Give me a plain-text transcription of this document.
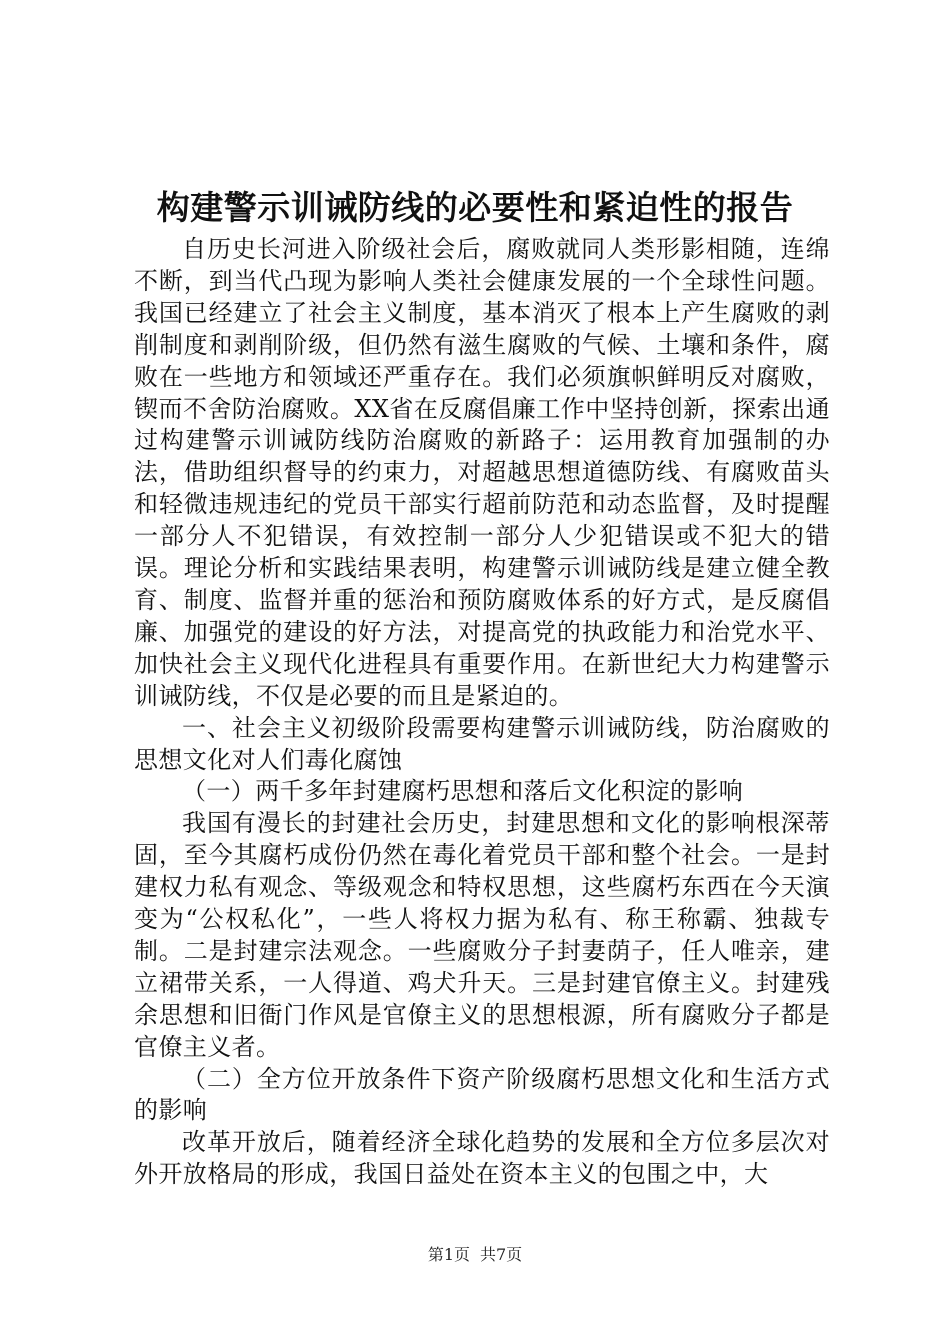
构建警示训诫防线的必要性和紧迫性的报告

自历史长河进入阶级社会后，腐败就同人类形影相随，连绵不断，到当代凸现为影响人类社会健康发展的一个全球性问题。我国已经建立了社会主义制度，基本消灭了根本上产生腐败的剥削制度和剥削阶级，但仍然有滋生腐败的气候、土壤和条件，腐败在一些地方和领域还严重存在。我们必须旗帜鲜明反对腐败，锲而不舍防治腐败。XX省在反腐倡廉工作中坚持创新，探索出通过构建警示训诫防线防治腐败的新路子：运用教育加强制的办法，借助组织督导的约束力，对超越思想道德防线、有腐败苗头和轻微违规违纪的党员干部实行超前防范和动态监督，及时提醒一部分人不犯错误，有效控制一部分人少犯错误或不犯大的错误。理论分析和实践结果表明，构建警示训诫防线是建立健全教育、制度、监督并重的惩治和预防腐败体系的好方式，是反腐倡廉、加强党的建设的好方法，对提高党的执政能力和治党水平、加快社会主义现代化进程具有重要作用。在新世纪大力构建警示训诫防线，不仅是必要的而且是紧迫的。

一、社会主义初级阶段需要构建警示训诫防线，防治腐败的思想文化对人们毒化腐蚀

（一）两千多年封建腐朽思想和落后文化积淀的影响

我国有漫长的封建社会历史，封建思想和文化的影响根深蒂固，至今其腐朽成份仍然在毒化着党员干部和整个社会。一是封建权力私有观念、等级观念和特权思想，这些腐朽东西在今天演变为“公权私化”，一些人将权力据为私有、称王称霸、独裁专制。二是封建宗法观念。一些腐败分子封妻荫子，任人唯亲，建立裙带关系，一人得道、鸡犬升天。三是封建官僚主义。封建残余思想和旧衙门作风是官僚主义的思想根源，所有腐败分子都是官僚主义者。

（二）全方位开放条件下资产阶级腐朽思想文化和生活方式的影响

改革开放后，随着经济全球化趋势的发展和全方位多层次对外开放格局的形成，我国日益处在资本主义的包围之中，大

第1页 共7页
